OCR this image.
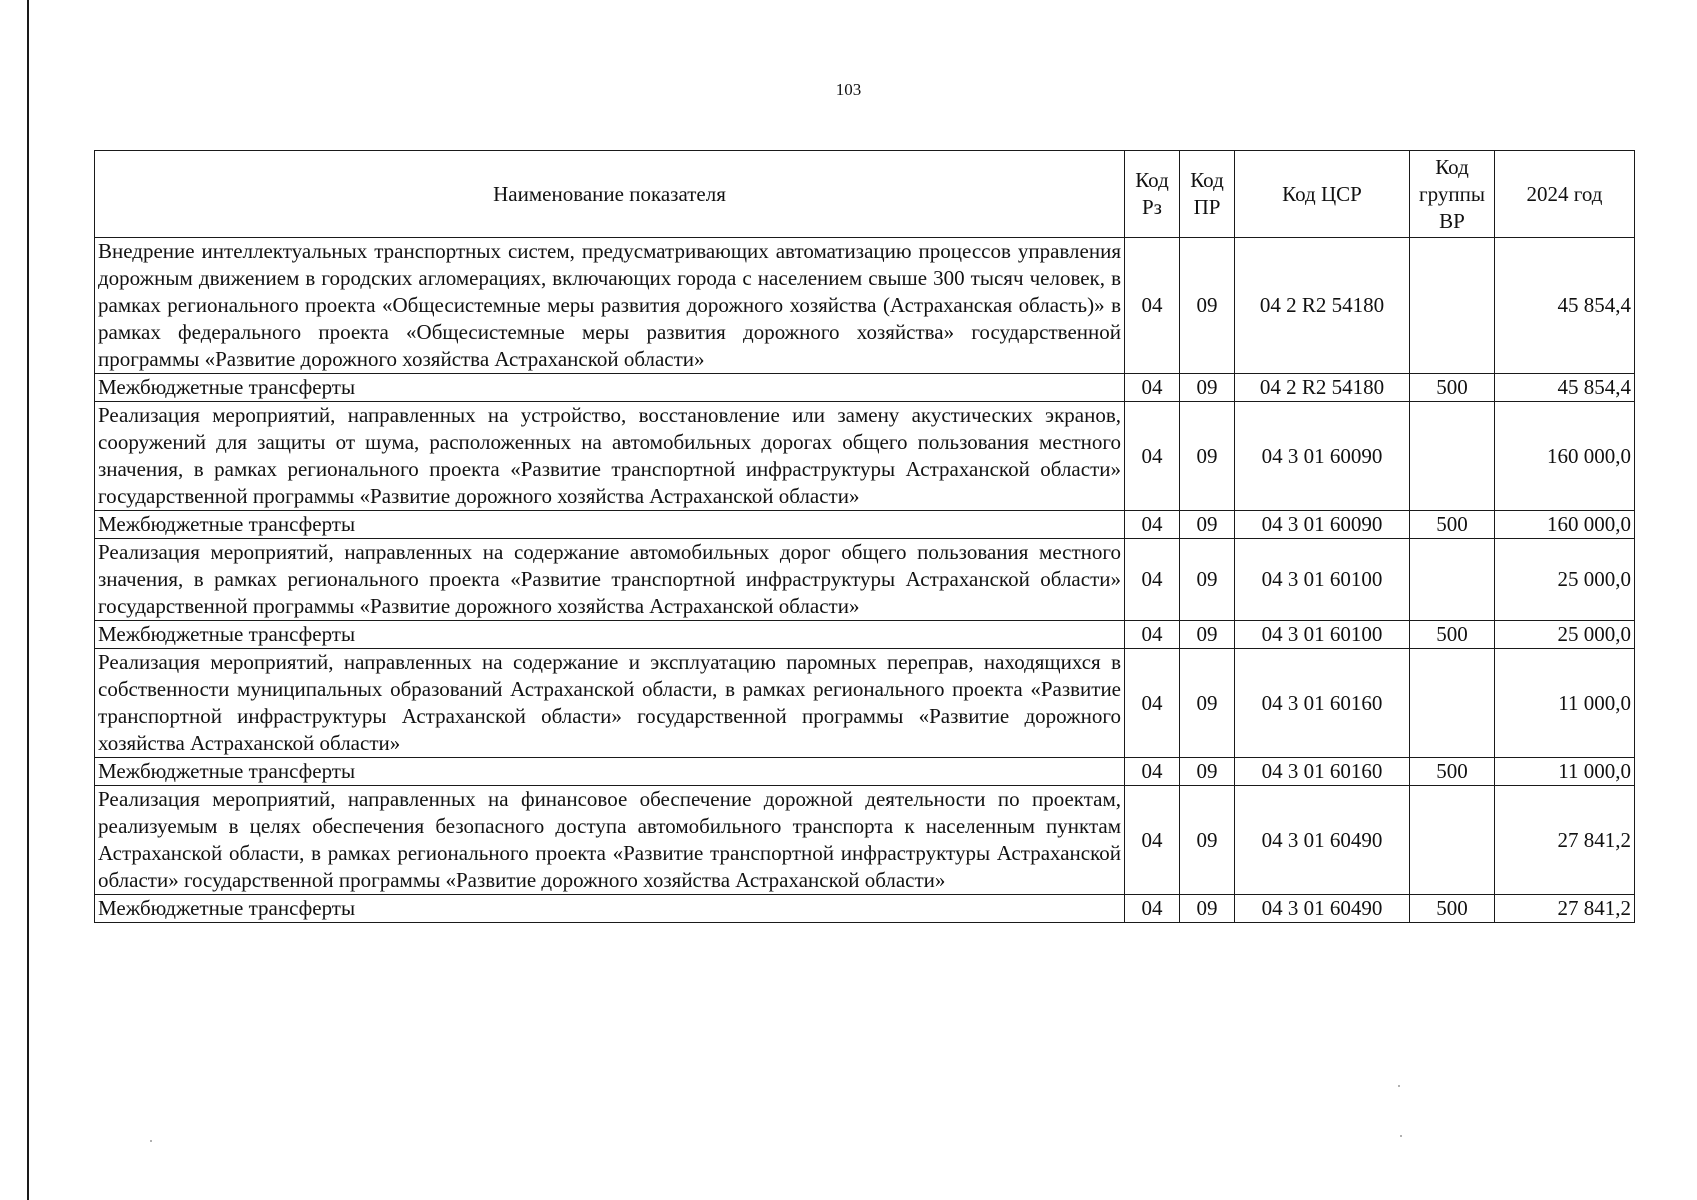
103
Наименование показателя	Код Рз	Код ПР	Код ЦСР	Код группы ВР	2024 год
Внедрение интеллектуальных транспортных систем, предусматривающих автоматизацию процессов управления дорожным движением в городских агломерациях, включающих города с населением свыше 300 тысяч человек, в рамках регионального проекта «Общесистемные меры развития дорожного хозяйства (Астраханская область)» в рамках федерального проекта «Общесистемные меры развития дорожного хозяйства» государственной программы «Развитие дорожного хозяйства Астраханской области»	04	09	04 2 R2 54180		45 854,4
Межбюджетные трансферты	04	09	04 2 R2 54180	500	45 854,4
Реализация мероприятий, направленных на устройство, восстановление или замену акустических экранов, сооружений для защиты от шума, расположенных на автомобильных дорогах общего пользования местного значения, в рамках регионального проекта «Развитие транспортной инфраструктуры Астраханской области» государственной программы «Развитие дорожного хозяйства Астраханской области»	04	09	04 3 01 60090		160 000,0
Межбюджетные трансферты	04	09	04 3 01 60090	500	160 000,0
Реализация мероприятий, направленных на содержание автомобильных дорог общего пользования местного значения, в рамках регионального проекта «Развитие транспортной инфраструктуры Астраханской области» государственной программы «Развитие дорожного хозяйства Астраханской области»	04	09	04 3 01 60100		25 000,0
Межбюджетные трансферты	04	09	04 3 01 60100	500	25 000,0
Реализация мероприятий, направленных на содержание и эксплуатацию паромных переправ, находящихся в собственности муниципальных образований Астраханской области, в рамках регионального проекта «Развитие транспортной инфраструктуры Астраханской области» государственной программы «Развитие дорожного хозяйства Астраханской области»	04	09	04 3 01 60160		11 000,0
Межбюджетные трансферты	04	09	04 3 01 60160	500	11 000,0
Реализация мероприятий, направленных на финансовое обеспечение дорожной деятельности по проектам, реализуемым в целях обеспечения безопасного доступа автомобильного транспорта к населенным пунктам Астраханской области, в рамках регионального проекта «Развитие транспортной инфраструктуры Астраханской области» государственной программы «Развитие дорожного хозяйства Астраханской области»	04	09	04 3 01 60490		27 841,2
Межбюджетные трансферты	04	09	04 3 01 60490	500	27 841,2
